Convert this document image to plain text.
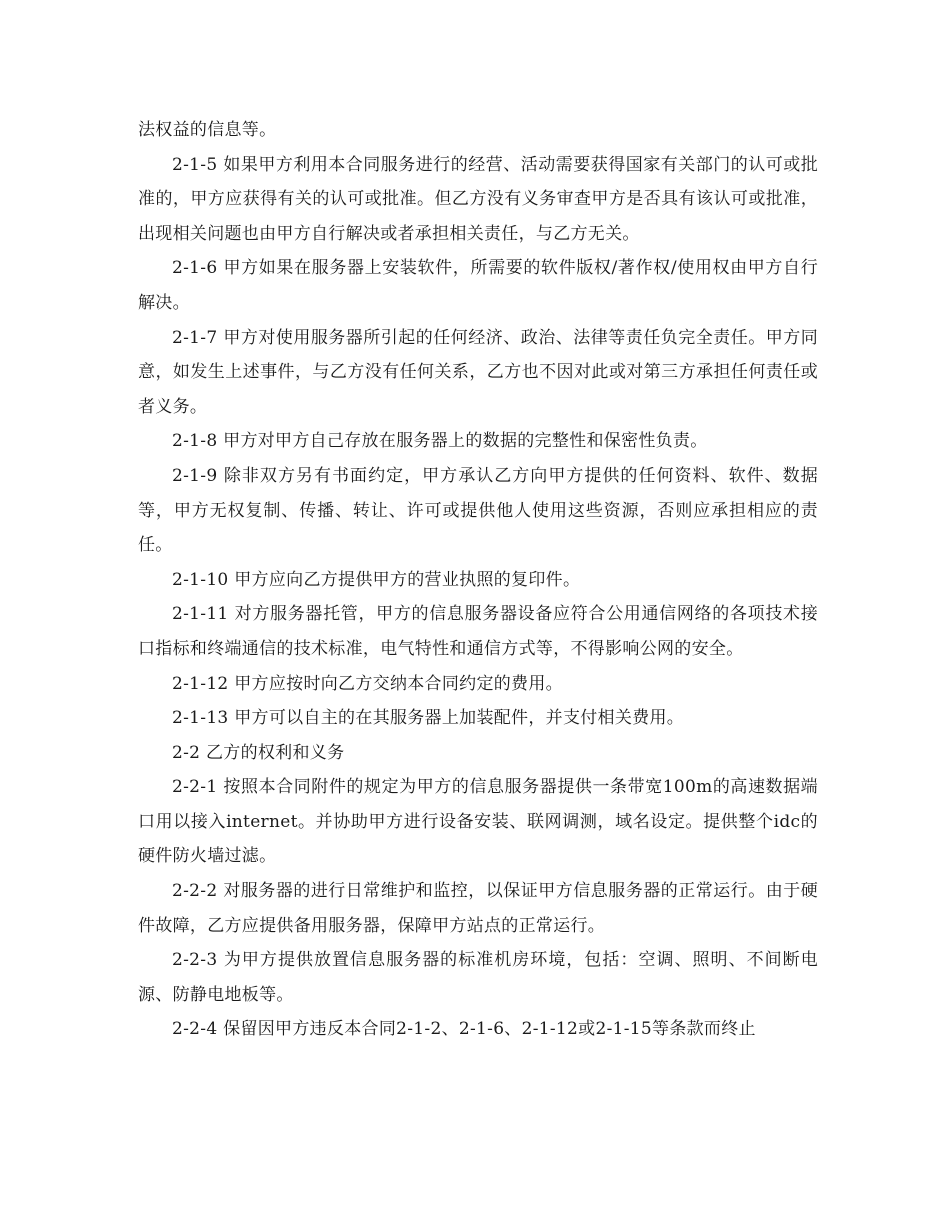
法权益的信息等。

2-1-5 如果甲方利用本合同服务进行的经营、活动需要获得国家有关部门的认可或批准的，甲方应获得有关的认可或批准。但乙方没有义务审查甲方是否具有该认可或批准，出现相关问题也由甲方自行解决或者承担相关责任，与乙方无关。

2-1-6 甲方如果在服务器上安装软件，所需要的软件版权/著作权/使用权由甲方自行解决。

2-1-7 甲方对使用服务器所引起的任何经济、政治、法律等责任负完全责任。甲方同意，如发生上述事件，与乙方没有任何关系，乙方也不因对此或对第三方承担任何责任或者义务。

2-1-8 甲方对甲方自己存放在服务器上的数据的完整性和保密性负责。

2-1-9 除非双方另有书面约定，甲方承认乙方向甲方提供的任何资料、软件、数据等，甲方无权复制、传播、转让、许可或提供他人使用这些资源，否则应承担相应的责任。

2-1-10 甲方应向乙方提供甲方的营业执照的复印件。

2-1-11 对方服务器托管，甲方的信息服务器设备应符合公用通信网络的各项技术接口指标和终端通信的技术标准，电气特性和通信方式等，不得影响公网的安全。

2-1-12 甲方应按时向乙方交纳本合同约定的费用。

2-1-13 甲方可以自主的在其服务器上加装配件，并支付相关费用。

2-2 乙方的权利和义务

2-2-1 按照本合同附件的规定为甲方的信息服务器提供一条带宽100m的高速数据端口用以接入internet。并协助甲方进行设备安装、联网调测，域名设定。提供整个idc的硬件防火墙过滤。

2-2-2 对服务器的进行日常维护和监控，以保证甲方信息服务器的正常运行。由于硬件故障，乙方应提供备用服务器，保障甲方站点的正常运行。

2-2-3 为甲方提供放置信息服务器的标准机房环境，包括：空调、照明、不间断电源、防静电地板等。

2-2-4 保留因甲方违反本合同2-1-2、2-1-6、2-1-12或2-1-15等条款而终止
